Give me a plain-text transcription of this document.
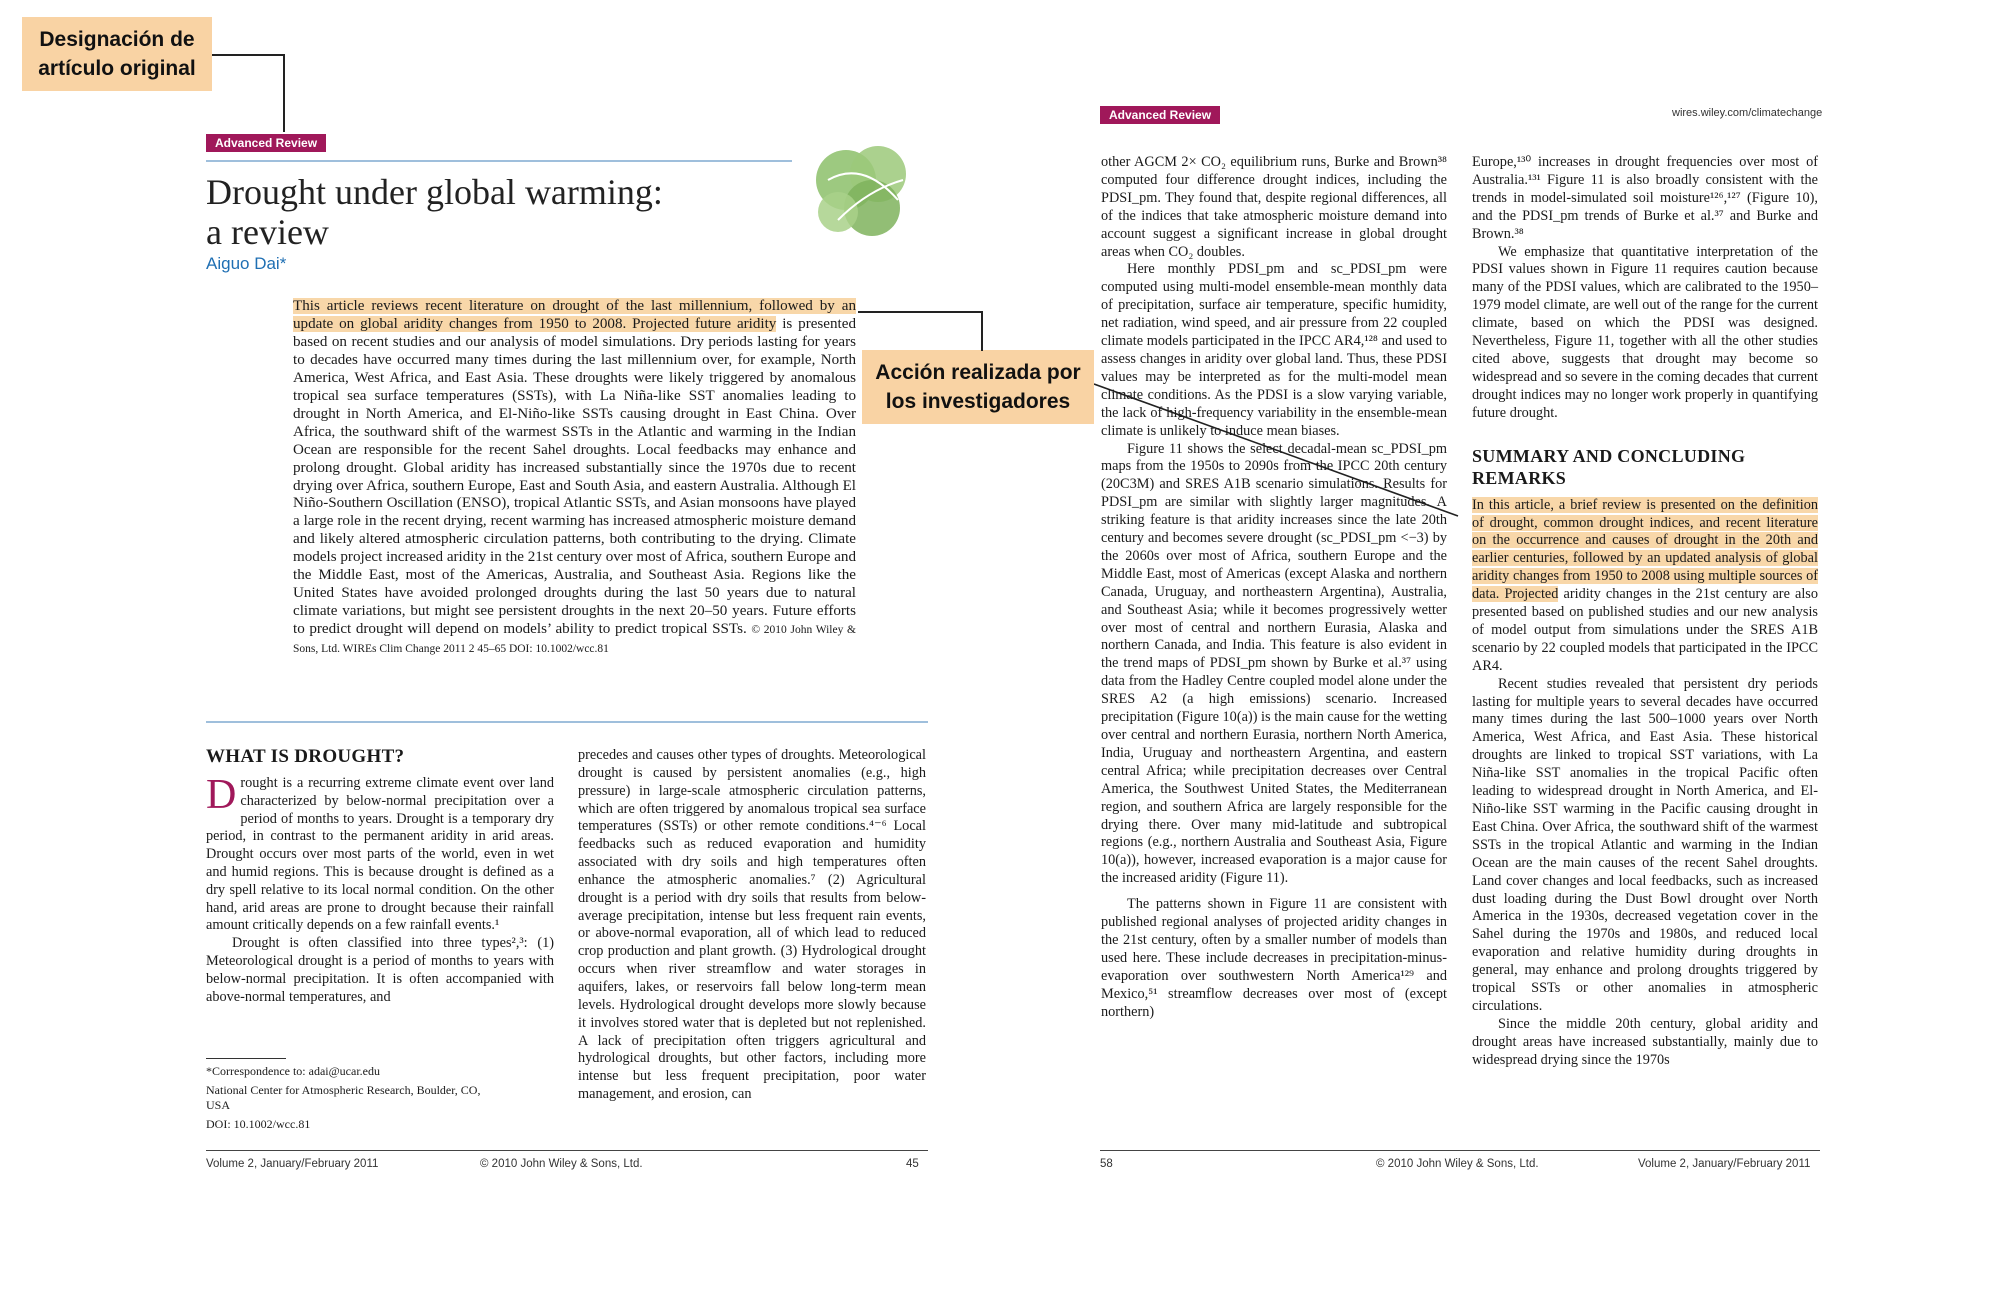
Designación de artículo original
Acción realizada por los investigadores
Advanced Review
Drought under global warming:
a review
Aiguo Dai*
This article reviews recent literature on drought of the last millennium, followed by an update on global aridity changes from 1950 to 2008. Projected future aridity is presented based on recent studies and our analysis of model simulations. Dry periods lasting for years to decades have occurred many times during the last millennium over, for example, North America, West Africa, and East Asia. These droughts were likely triggered by anomalous tropical sea surface temperatures (SSTs), with La Niña-like SST anomalies leading to drought in North America, and El-Niño-like SSTs causing drought in East China. Over Africa, the southward shift of the warmest SSTs in the Atlantic and warming in the Indian Ocean are responsible for the recent Sahel droughts. Local feedbacks may enhance and prolong drought. Global aridity has increased substantially since the 1970s due to recent drying over Africa, southern Europe, East and South Asia, and eastern Australia. Although El Niño-Southern Oscillation (ENSO), tropical Atlantic SSTs, and Asian monsoons have played a large role in the recent drying, recent warming has increased atmospheric moisture demand and likely altered atmospheric circulation patterns, both contributing to the drying. Climate models project increased aridity in the 21st century over most of Africa, southern Europe and the Middle East, most of the Americas, Australia, and Southeast Asia. Regions like the United States have avoided prolonged droughts during the last 50 years due to natural climate variations, but might see persistent droughts in the next 20–50 years. Future efforts to predict drought will depend on models’ ability to predict tropical SSTs. © 2010 John Wiley & Sons, Ltd. WIREs Clim Change 2011 2 45–65 DOI: 10.1002/wcc.81
WHAT IS DROUGHT?

Drought is a recurring extreme climate event over land characterized by below-normal precipitation over a period of months to years. Drought is a temporary dry period, in contrast to the permanent aridity in arid areas. Drought occurs over most parts of the world, even in wet and humid regions. This is because drought is defined as a dry spell relative to its local normal condition. On the other hand, arid areas are prone to drought because their rainfall amount critically depends on a few rainfall events.¹

Drought is often classified into three types²,³: (1) Meteorological drought is a period of months to years with below-normal precipitation. It is often accompanied with above-normal temperatures, and

*Correspondence to: adai@ucar.edu
National Center for Atmospheric Research, Boulder, CO, USA
DOI: 10.1002/wcc.81

precedes and causes other types of droughts. Meteorological drought is caused by persistent anomalies (e.g., high pressure) in large-scale atmospheric circulation patterns, which are often triggered by anomalous tropical sea surface temperatures (SSTs) or other remote conditions.⁴⁻⁶ Local feedbacks such as reduced evaporation and humidity associated with dry soils and high temperatures often enhance the atmospheric anomalies.⁷ (2) Agricultural drought is a period with dry soils that results from below-average precipitation, intense but less frequent rain events, or above-normal evaporation, all of which lead to reduced crop production and plant growth. (3) Hydrological drought occurs when river streamflow and water storages in aquifers, lakes, or reservoirs fall below long-term mean levels. Hydrological drought develops more slowly because it involves stored water that is depleted but not replenished. A lack of precipitation often triggers agricultural and hydrological droughts, but other factors, including more intense but less frequent precipitation, poor water management, and erosion, can

Volume 2, January/February 2011	© 2010 John Wiley & Sons, Ltd.	45
Advanced Review	wires.wiley.com/climatechange

other AGCM 2× CO₂ equilibrium runs, Burke and Brown³⁸ computed four difference drought indices, including the PDSI_pm. They found that, despite regional differences, all of the indices that take atmospheric moisture demand into account suggest a significant increase in global drought areas when CO₂ doubles.

Here monthly PDSI_pm and sc_PDSI_pm were computed using multi-model ensemble-mean monthly data of precipitation, surface air temperature, specific humidity, net radiation, wind speed, and air pressure from 22 coupled climate models participated in the IPCC AR4,¹²⁸ and used to assess changes in aridity over global land. Thus, these PDSI values may be interpreted as for the multi-model mean climate conditions. As the PDSI is a slow varying variable, the lack of high-frequency variability in the ensemble-mean climate is unlikely to induce mean biases.

Figure 11 shows the select decadal-mean sc_PDSI_pm maps from the 1950s to 2090s from the IPCC 20th century (20C3M) and SRES A1B scenario simulations. Results for PDSI_pm are similar with slightly larger magnitudes. A striking feature is that aridity increases since the late 20th century and becomes severe drought (sc_PDSI_pm <−3) by the 2060s over most of Africa, southern Europe and the Middle East, most of Americas (except Alaska and northern Canada, Uruguay, and northeastern Argentina), Australia, and Southeast Asia; while it becomes progressively wetter over most of central and northern Eurasia, Alaska and northern Canada, and India. This feature is also evident in the trend maps of PDSI_pm shown by Burke et al.³⁷ using data from the Hadley Centre coupled model alone under the SRES A2 (a high emissions) scenario. Increased precipitation (Figure 10(a)) is the main cause for the wetting over central and northern Eurasia, northern North America, India, Uruguay and northeastern Argentina, and eastern central Africa; while precipitation decreases over Central America, the Southwest United States, the Mediterranean region, and southern Africa are largely responsible for the drying there. Over many mid-latitude and subtropical regions (e.g., northern Australia and Southeast Asia, Figure 10(a)), however, increased evaporation is a major cause for the increased aridity (Figure 11).

The patterns shown in Figure 11 are consistent with published regional analyses of projected aridity changes in the 21st century, often by a smaller number of models than used here. These include decreases in precipitation-minus-evaporation over southwestern North America¹²⁹ and Mexico,⁵¹ streamflow decreases over most of (except northern)

Europe,¹³⁰ increases in drought frequencies over most of Australia.¹³¹ Figure 11 is also broadly consistent with the trends in model-simulated soil moisture¹²⁶,¹²⁷ (Figure 10), and the PDSI_pm trends of Burke et al.³⁷ and Burke and Brown.³⁸

We emphasize that quantitative interpretation of the PDSI values shown in Figure 11 requires caution because many of the PDSI values, which are calibrated to the 1950–1979 model climate, are well out of the range for the current climate, based on which the PDSI was designed. Nevertheless, Figure 11, together with all the other studies cited above, suggests that drought may become so widespread and so severe in the coming decades that current drought indices may no longer work properly in quantifying future drought.

SUMMARY AND CONCLUDING
REMARKS

In this article, a brief review is presented on the definition of drought, common drought indices, and recent literature on the occurrence and causes of drought in the 20th and earlier centuries, followed by an updated analysis of global aridity changes from 1950 to 2008 using multiple sources of data. Projected aridity changes in the 21st century are also presented based on published studies and our new analysis of model output from simulations under the SRES A1B scenario by 22 coupled models that participated in the IPCC AR4.

Recent studies revealed that persistent dry periods lasting for multiple years to several decades have occurred many times during the last 500–1000 years over North America, West Africa, and East Asia. These historical droughts are linked to tropical SST variations, with La Niña-like SST anomalies in the tropical Pacific often leading to widespread drought in North America, and El-Niño-like SST warming in the Pacific causing drought in East China. Over Africa, the southward shift of the warmest SSTs in the tropical Atlantic and warming in the Indian Ocean are the main causes of the recent Sahel droughts. Land cover changes and local feedbacks, such as increased dust loading during the Dust Bowl drought over North America in the 1930s, decreased vegetation cover in the Sahel during the 1970s and 1980s, and reduced local evaporation and relative humidity during droughts in general, may enhance and prolong droughts triggered by tropical SSTs or other anomalies in atmospheric circulations.

Since the middle 20th century, global aridity and drought areas have increased substantially, mainly due to widespread drying since the 1970s

58	© 2010 John Wiley & Sons, Ltd.	Volume 2, January/February 2011
